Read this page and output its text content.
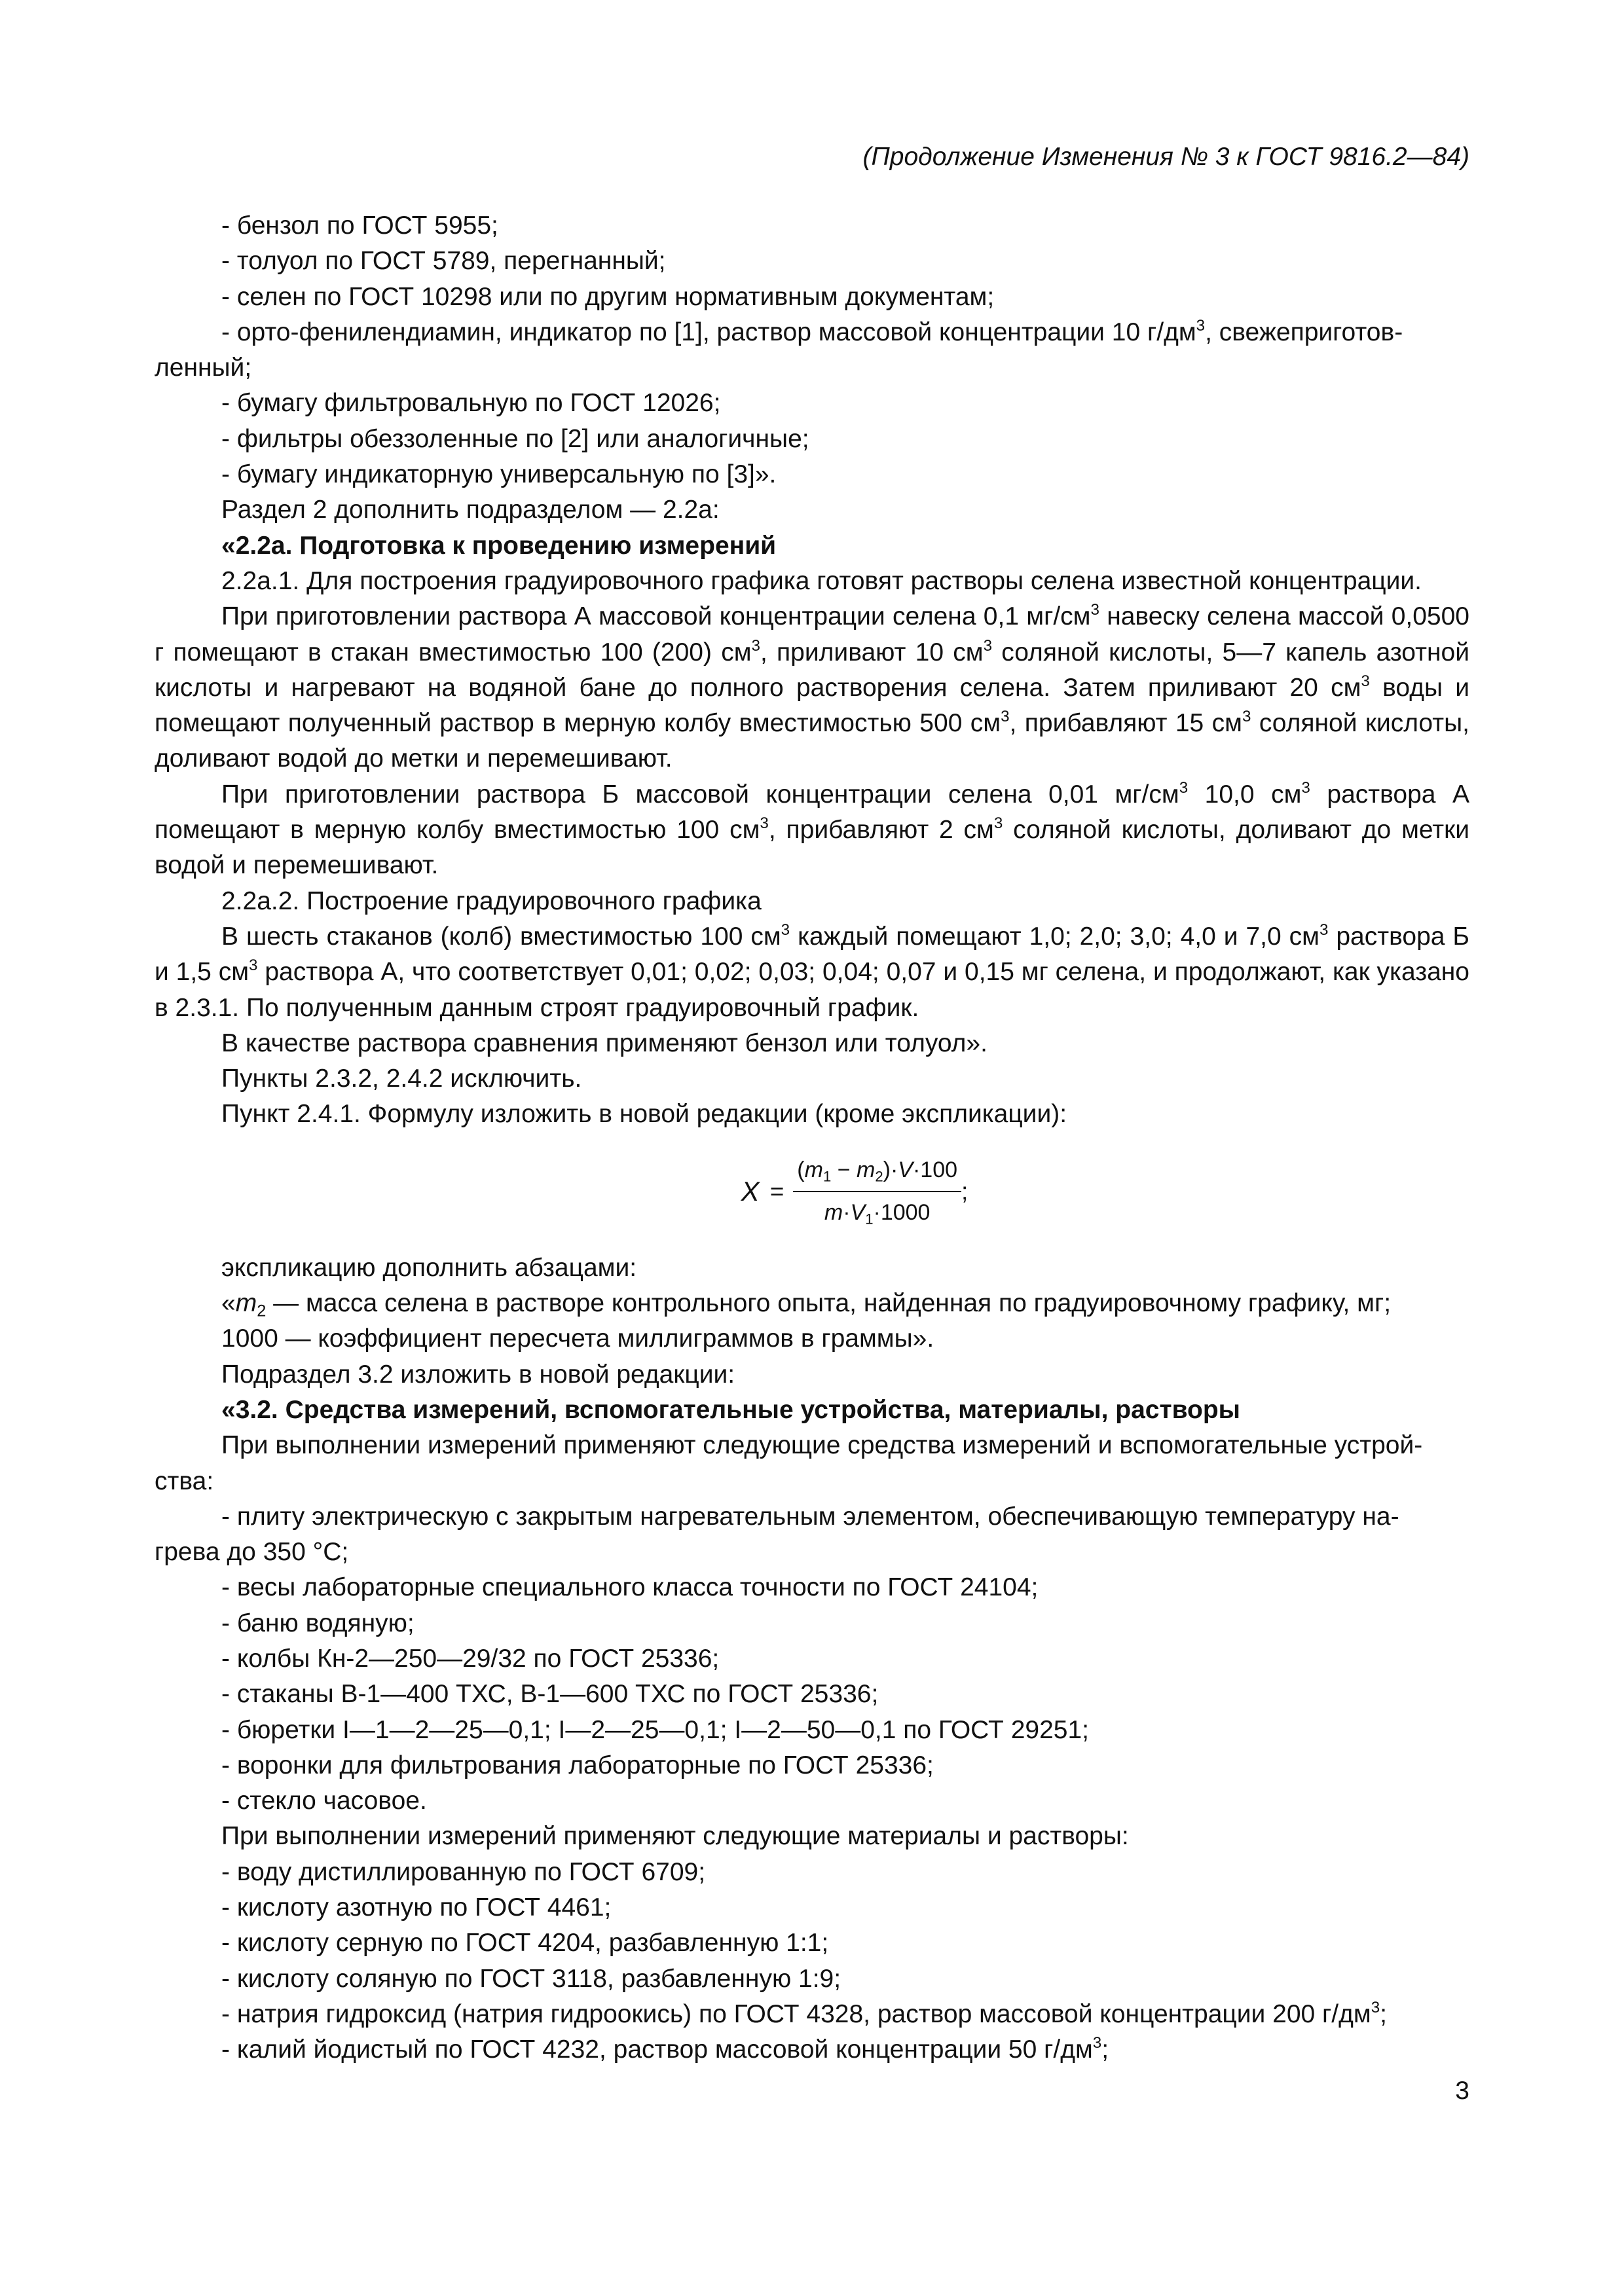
(Продолжение Изменения № 3 к ГОСТ 9816.2—84)

- бензол по ГОСТ 5955;

- толуол по ГОСТ 5789, перегнанный;

- селен по ГОСТ 10298 или по другим нормативным документам;

- орто-фенилендиамин, индикатор по [1], раствор массовой концентрации 10 $г/дм^3$, свежеприготов-

ленный;

- бумагу фильтровальную по ГОСТ 12026;

- фильтры обеззоленные по [2] или аналогичные;

- бумагу индикаторную универсальную по [3]».

Раздел 2 дополнить подразделом — 2.2а:

«2.2а. Подготовка к проведению измерений

2.2а.1. Для построения градуировочного графика готовят растворы селена известной концентрации.

При приготовлении раствора А массовой концентрации селена 0,1 $мг/см^3$ навеску селена массой 0,0500 г помещают в стакан вместимостью 100 (200) $см^3$, приливают 10 $см^3$ соляной кислоты, 5—7 капель азотной кислоты и нагревают на водяной бане до полного растворения селена. Затем приливают 20 $см^3$ воды и помещают полученный раствор в мерную колбу вместимостью 500 $см^3$, прибавляют 15 $см^3$ соляной кислоты, доливают водой до метки и перемешивают.

При приготовлении раствора Б массовой концентрации селена 0,01 $мг/см^3$ 10,0 $см^3$ раствора А помещают в мерную колбу вместимостью 100 $см^3$, прибавляют 2 $см^3$ соляной кислоты, доливают до метки водой и перемешивают.

2.2а.2. Построение градуировочного графика

В шесть стаканов (колб) вместимостью 100 $см^3$ каждый помещают 1,0; 2,0; 3,0; 4,0 и 7,0 $см^3$ раствора Б и 1,5 $см^3$ раствора А, что соответствует 0,01; 0,02; 0,03; 0,04; 0,07 и 0,15 мг селена, и продолжают, как указано в 2.3.1. По полученным данным строят градуировочный график.

В качестве раствора сравнения применяют бензол или толуол».

Пункты 2.3.2, 2.4.2 исключить.

Пункт 2.4.1. Формулу изложить в новой редакции (кроме экспликации):

$X = \frac{(m_1 - m_2)\cdot V\cdot 100}{m\cdot V_1\cdot 1000}$ ;

экспликацию дополнить абзацами:

«$m_2$ — масса селена в растворе контрольного опыта, найденная по градуировочному графику, мг;

1000 — коэффициент пересчета миллиграммов в граммы».

Подраздел 3.2 изложить в новой редакции:

«3.2. Средства измерений, вспомогательные устройства, материалы, растворы

При выполнении измерений применяют следующие средства измерений и вспомогательные устрой-

ства:

- плиту электрическую с закрытым нагревательным элементом, обеспечивающую температуру на-

грева до 350 °С;

- весы лабораторные специального класса точности по ГОСТ 24104;

- баню водяную;

- колбы Кн-2—250—29/32 по ГОСТ 25336;

- стаканы В-1—400 ТХС, В-1—600 ТХС по ГОСТ 25336;

- бюретки I—1—2—25—0,1; I—2—25—0,1; I—2—50—0,1 по ГОСТ 29251;

- воронки для фильтрования лабораторные по ГОСТ 25336;

- стекло часовое.

При выполнении измерений применяют следующие материалы и растворы:

- воду дистиллированную по ГОСТ 6709;

- кислоту азотную по ГОСТ 4461;

- кислоту серную по ГОСТ 4204, разбавленную 1:1;

- кислоту соляную по ГОСТ 3118, разбавленную 1:9;

- натрия гидроксид (натрия гидроокись) по ГОСТ 4328, раствор массовой концентрации 200 $г/дм^3$;

- калий йодистый по ГОСТ 4232, раствор массовой концентрации 50 $г/дм^3$;

3
